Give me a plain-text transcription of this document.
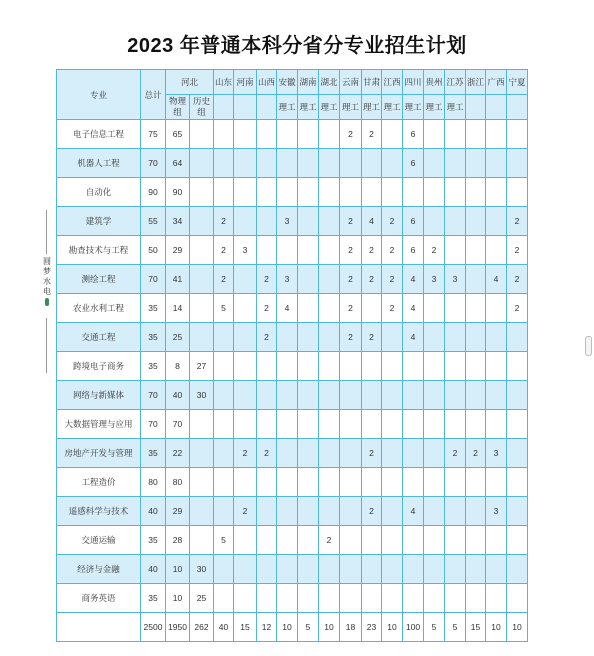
2023 年普通本科分省分专业招生计划
圆
梦
水
电
专业	总计	河北		山东	河南	山西	安徽	湖南	湖北	云南	甘肃	江西	四川	贵州	江苏	浙江	广西	宁夏
		物理组	历史组				理工	理工	理工	理工	理工	理工	理工	理工	理工			
电子信息工程	75	65								2	2		6					
机器人工程	70	64											6					
自动化	90	90																
建筑学	55	34		2			3			2	4	2	6					2
勘查技术与工程	50	29		2	3					2	2	2	6	2				2
测绘工程	70	41		2		2	3			2	2	2	4	3	3		4	2
农业水利工程	35	14		5		2	4			2		2	4					2
交通工程	35	25				2				2	2		4					
跨境电子商务	35	8	27															
网络与新媒体	70	40	30															
大数据管理与应用	70	70																
房地产开发与管理	35	22			2	2					2				2	2	3	
工程造价	80	80																
遥感科学与技术	40	29			2						2		4				3	
交通运输	35	28		5					2									
经济与金融	40	10	30															
商务英语	35	10	25															
	2500	1950	262	40	15	12	10	5	10	18	23	10	100	5	5	15	10	10
